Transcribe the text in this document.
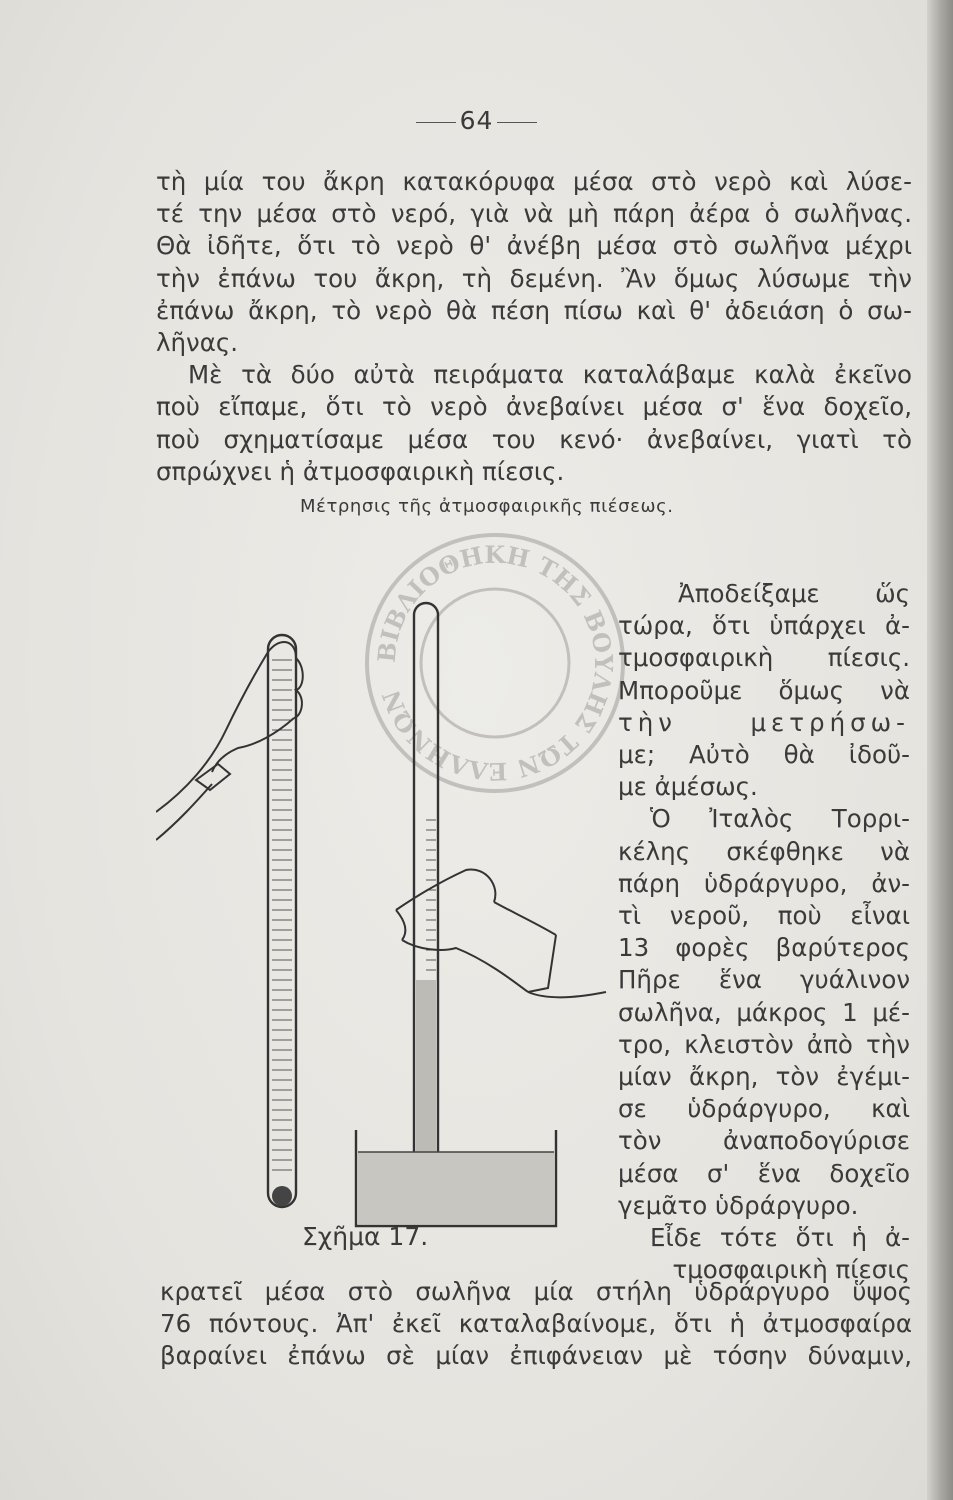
64

τὴ μία του ἄκρη κατακόρυφα μέσα στὸ νερὸ καὶ λύσε-
τέ την μέσα στὸ νερό, γιὰ νὰ μὴ πάρη ἀέρα ὁ σωλῆνας.
Θὰ ἰδῆτε, ὅτι τὸ νερὸ θ' ἀνέβη μέσα στὸ σωλῆνα μέχρι
τὴν ἐπάνω του ἄκρη, τὴ δεμένη. Ἂν ὅμως λύσωμε τὴν
ἐπάνω ἄκρη, τὸ νερὸ θὰ πέση πίσω καὶ θ' ἀδειάση ὁ σω-
λῆνας.

Μὲ τὰ δύο αὐτὰ πειράματα καταλάβαμε καλὰ ἐκεῖνο
ποὺ εἴπαμε, ὅτι τὸ νερὸ ἀνεβαίνει μέσα σ' ἕνα δοχεῖο,
ποὺ σχηματίσαμε μέσα του κενό· ἀνεβαίνει, γιατὶ τὸ
σπρώχνει ἡ ἀτμοσφαιρικὴ πίεσις.

Μέτρησις τῆς ἀτμοσφαιρικῆς πιέσεως.
ΒΙΒΛΙΟΘΗΚΗ ΤΗΣ ΒΟΥΛΗΣ ΤΩΝ ΕΛΛΗΝΩΝ
Σχῆμα 17.
Ἀποδείξαμε ὥς
τώρα, ὅτι ὑπάρχει ἀ-
τμοσφαιρικὴ πίεσις.
Μποροῦμε ὅμως νὰ
τὴν μετρήσω-
με; Αὐτὸ θὰ ἰδοῦ-
με ἀμέσως.
Ὁ Ἰταλὸς Τορρι-
κέλης σκέφθηκε νὰ
πάρη ὑδράργυρο, ἀν-
τὶ νεροῦ, ποὺ εἶναι
13 φορὲς βαρύτερος
Πῆρε ἕνα γυάλινον
σωλῆνα, μάκρος 1 μέ-
τρο, κλειστὸν ἀπὸ τὴν
μίαν ἄκρη, τὸν ἐγέμι-
σε ὑδράργυρο, καὶ
τὸν ἀναποδογύρισε
μέσα σ' ἕνα δοχεῖο
γεμᾶτο ὑδράργυρο.
Εἶδε τότε ὅτι ἡ ἀ-
τμοσφαιρικὴ πίεσις
κρατεῖ μέσα στὸ σωλῆνα μία στήλη ὑδράργυρο ὕψος
76 πόντους. Ἀπ' ἐκεῖ καταλαβαίνομε, ὅτι ἡ ἀτμοσφαίρα
βαραίνει ἐπάνω σὲ μίαν ἐπιφάνειαν μὲ τόσην δύναμιν,
